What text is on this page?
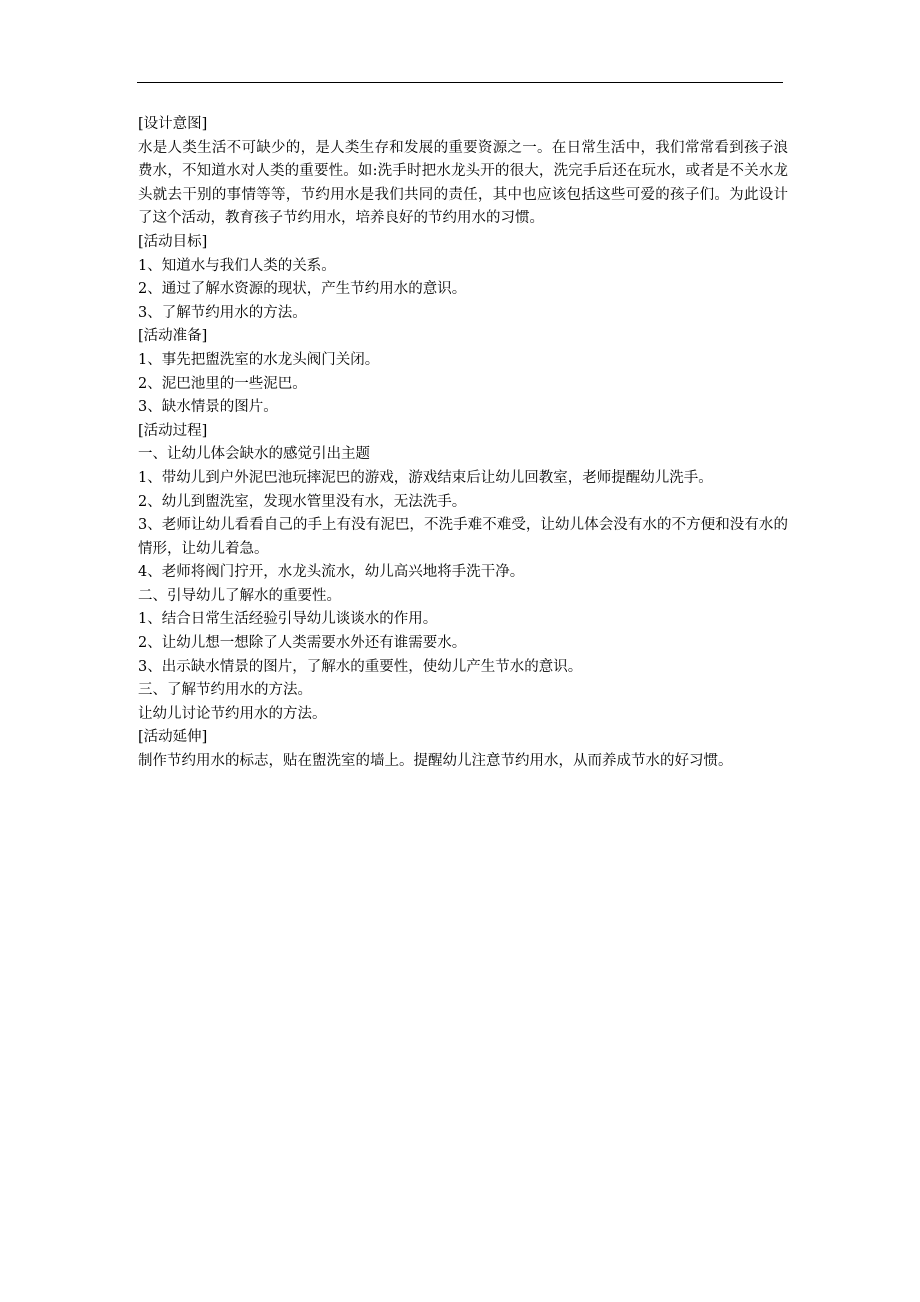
[设计意图]

水是人类生活不可缺少的，是人类生存和发展的重要资源之一。在日常生活中，我们常常看到孩子浪费水，不知道水对人类的重要性。如:洗手时把水龙头开的很大，洗完手后还在玩水，或者是不关水龙头就去干别的事情等等，节约用水是我们共同的责任，其中也应该包括这些可爱的孩子们。为此设计了这个活动，教育孩子节约用水，培养良好的节约用水的习惯。

[活动目标]

1、知道水与我们人类的关系。

2、通过了解水资源的现状，产生节约用水的意识。

3、了解节约用水的方法。

[活动准备]

1、事先把盥洗室的水龙头阀门关闭。

2、泥巴池里的一些泥巴。

3、缺水情景的图片。

[活动过程]

一、让幼儿体会缺水的感觉引出主题

1、带幼儿到户外泥巴池玩摔泥巴的游戏，游戏结束后让幼儿回教室，老师提醒幼儿洗手。

2、幼儿到盥洗室，发现水管里没有水，无法洗手。

3、老师让幼儿看看自己的手上有没有泥巴，不洗手难不难受，让幼儿体会没有水的不方便和没有水的情形，让幼儿着急。

4、老师将阀门拧开，水龙头流水，幼儿高兴地将手洗干净。

二、引导幼儿了解水的重要性。

1、结合日常生活经验引导幼儿谈谈水的作用。

2、让幼儿想一想除了人类需要水外还有谁需要水。

3、出示缺水情景的图片，了解水的重要性，使幼儿产生节水的意识。

三、了解节约用水的方法。

让幼儿讨论节约用水的方法。

[活动延伸]

制作节约用水的标志，贴在盥洗室的墙上。提醒幼儿注意节约用水，从而养成节水的好习惯。
